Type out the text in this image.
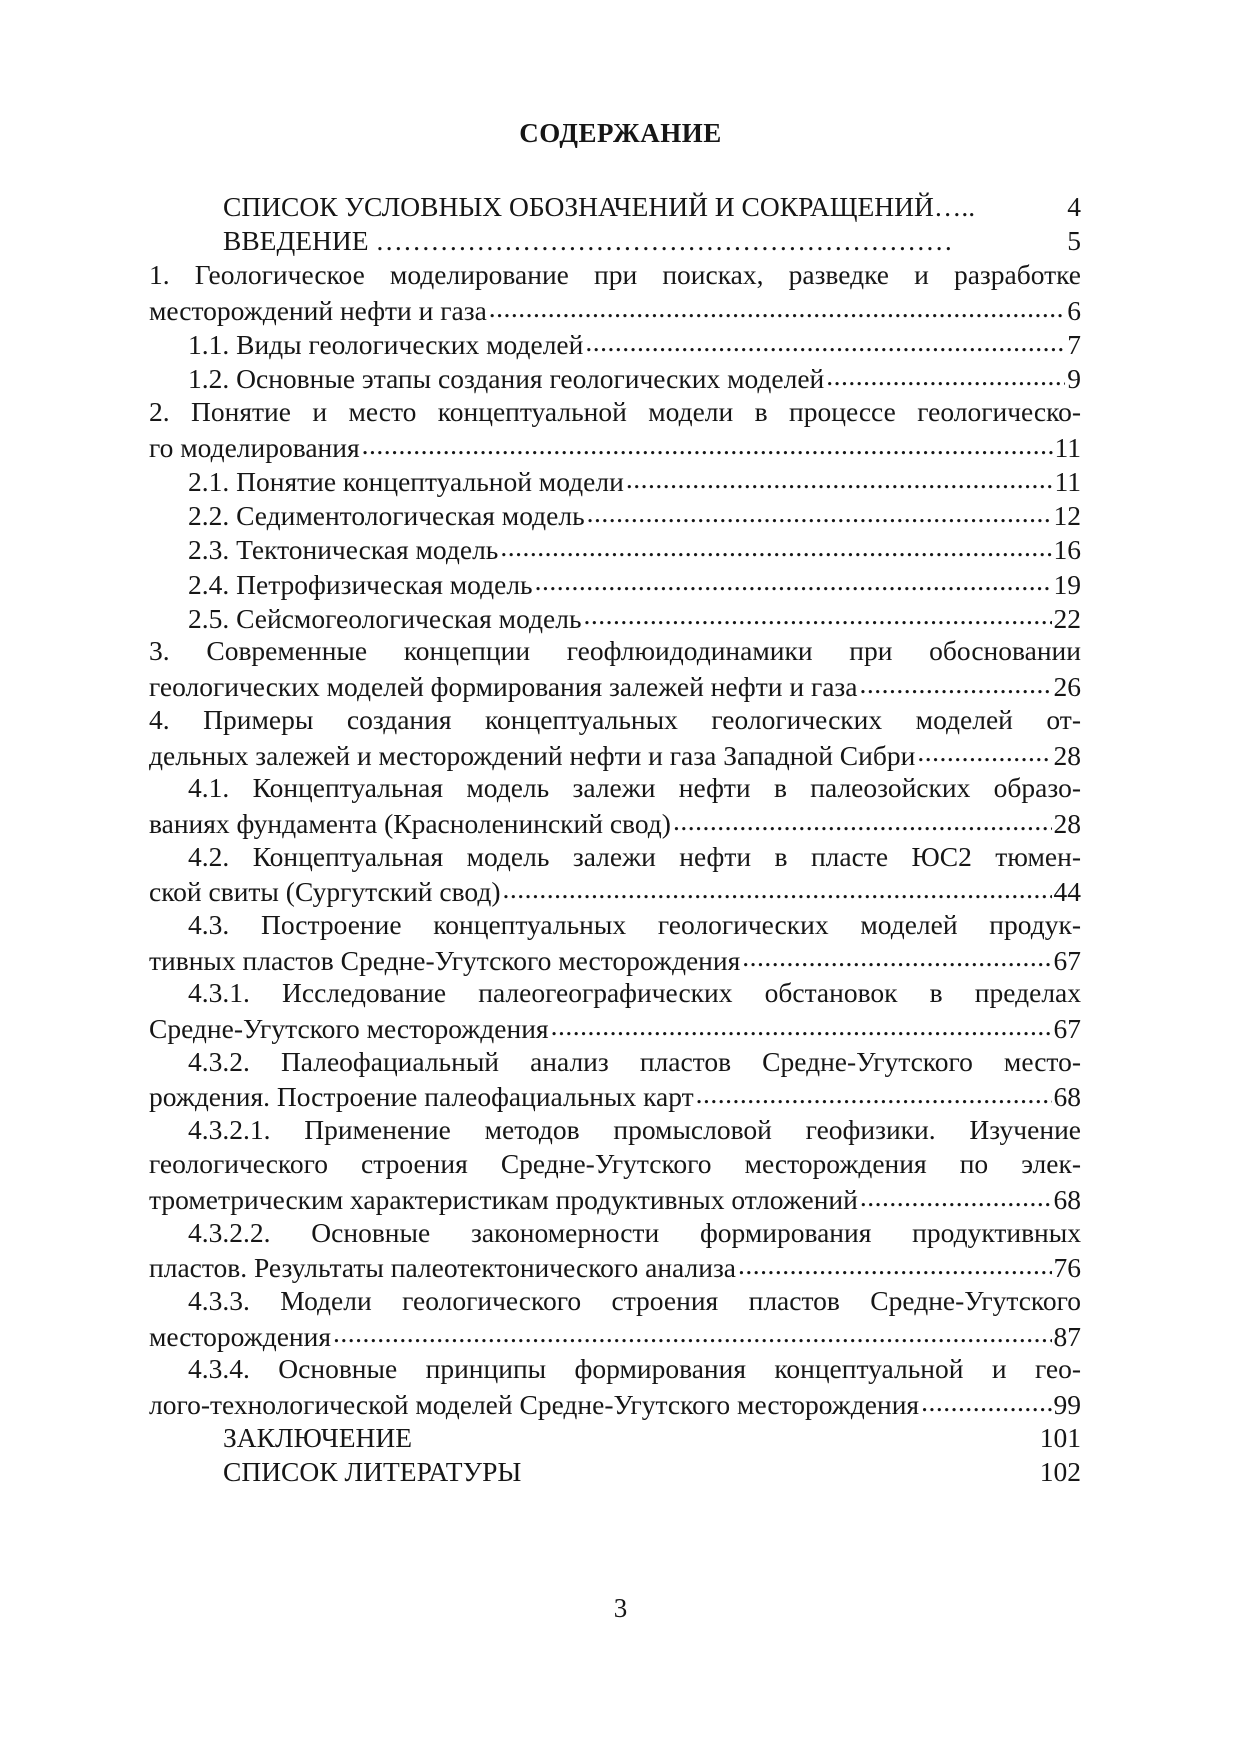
СОДЕРЖАНИЕ
СПИСОК УСЛОВНЫХ ОБОЗНАЧЕНИЙ И СОКРАЩЕНИЙ…..	4
ВВЕДЕНИЕ ………………………………………………………	5
1. Геологическое моделирование при поисках, разведке и разработке
месторождений нефти и газа .....	6
1.1. Виды геологических моделей .....	7
1.2. Основные этапы создания геологических моделей .....	9
2. Понятие и место концептуальной модели в процессе геологическо-
го моделирования .....	11
2.1. Понятие концептуальной модели .....	11
2.2. Седиментологическая модель .....	12
2.3. Тектоническая модель .....	16
2.4. Петрофизическая модель .....	19
2.5. Сейсмогеологическая модель .....	22
3. Современные концепции геофлюидодинамики при обосновании
геологических моделей формирования залежей нефти и газа .....	26
4. Примеры создания концептуальных геологических моделей от-
дельных залежей и месторождений нефти и газа Западной Сибри .....	28
4.1. Концептуальная модель залежи нефти в палеозойских образо-
ваниях фундамента (Красноленинский свод) .....	28
4.2. Концептуальная модель залежи нефти в пласте ЮС2 тюмен-
ской свиты (Сургутский свод) .....	44
4.3. Построение концептуальных геологических моделей продук-
тивных пластов Средне-Угутского месторождения .....	67
4.3.1. Исследование палеогеографических обстановок в пределах
Средне-Угутского месторождения .....	67
4.3.2. Палеофациальный анализ пластов Средне-Угутского место-
рождения. Построение палеофациальных карт .....	68
4.3.2.1. Применение методов промысловой геофизики. Изучение
геологического строения Средне-Угутского месторождения по элек-
трометрическим характеристикам продуктивных отложений .....	68
4.3.2.2. Основные закономерности формирования продуктивных
пластов. Результаты палеотектонического анализа .....	76
4.3.3. Модели геологического строения пластов Средне-Угутского
месторождения .....	87
4.3.4. Основные принципы формирования концептуальной и гео-
лого-технологической моделей Средне-Угутского месторождения .....	99
ЗАКЛЮЧЕНИЕ	101
СПИСОК ЛИТЕРАТУРЫ	102
3
